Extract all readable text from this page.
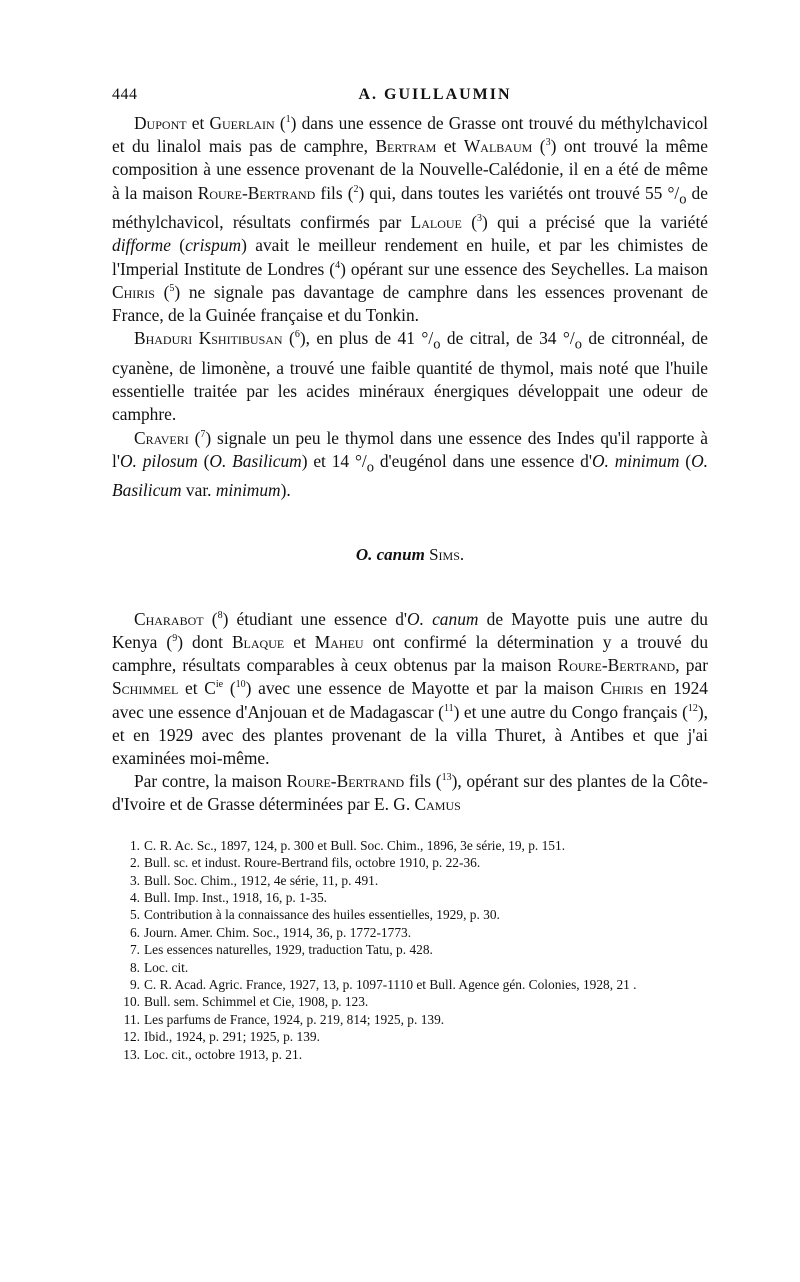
444	A. GUILLAUMIN

Dupont et Guerlain ($^1$) dans une essence de Grasse ont trouvé du méthylchavicol et du linalol mais pas de camphre, Bertram et Walbaum ($^3$) ont trouvé la même composition à une essence provenant de la Nouvelle-Calédonie, il en a été de même à la maison Roure-Bertrand fils ($^2$) qui, dans toutes les variétés ont trouvé 55 $^\circ/_o$ de méthylchavicol, résultats confirmés par Laloue ($^3$) qui a précisé que la variété difforme (crispum) avait le meilleur rendement en huile, et par les chimistes de l'Imperial Institute de Londres ($^4$) opérant sur une essence des Seychelles. La maison Chiris ($^5$) ne signale pas davantage de camphre dans les essences provenant de France, de la Guinée française et du Tonkin.

Bhaduri Kshitibusan ($^6$), en plus de 41 $^\circ/_o$ de citral, de 34 $^\circ/_o$ de citronnéal, de cyanène, de limonène, a trouvé une faible quantité de thymol, mais noté que l'huile essentielle traitée par les acides minéraux énergiques développait une odeur de camphre.

Craveri ($^7$) signale un peu le thymol dans une essence des Indes qu'il rapporte à l'O. pilosum (O. Basilicum) et 14 $^\circ/_o$ d'eugénol dans une essence d'O. minimum (O. Basilicum var. minimum).

O. canum Sims.

Charabot ($^8$) étudiant une essence d'O. canum de Mayotte puis une autre du Kenya ($^9$) dont Blaque et Maheu ont confirmé la détermination y a trouvé du camphre, résultats comparables à ceux obtenus par la maison Roure-Bertrand, par Schimmel et $C^{ie}$ ($^{10}$) avec une essence de Mayotte et par la maison Chiris en 1924 avec une essence d'Anjouan et de Madagascar ($^{11}$) et une autre du Congo français ($^{12}$), et en 1929 avec des plantes provenant de la villa Thuret, à Antibes et que j'ai examinées moi-même.

Par contre, la maison Roure-Bertrand fils ($^{13}$), opérant sur des plantes de la Côte-d'Ivoire et de Grasse déterminées par E. G. Camus

1. C. R. Ac. Sc., 1897, 124, p. 300 et Bull. Soc. Chim., 1896, 3e série, 19, p. 151.
2. Bull. sc. et indust. Roure-Bertrand fils, octobre 1910, p. 22-36.
3. Bull. Soc. Chim., 1912, 4e série, 11, p. 491.
4. Bull. Imp. Inst., 1918, 16, p. 1-35.
5. Contribution à la connaissance des huiles essentielles, 1929, p. 30.
6. Journ. Amer. Chim. Soc., 1914, 36, p. 1772-1773.
7. Les essences naturelles, 1929, traduction Tatu, p. 428.
8. Loc. cit.
9. C. R. Acad. Agric. France, 1927, 13, p. 1097-1110 et Bull. Agence gén. Colonies, 1928, 21 .
10. Bull. sem. Schimmel et Cie, 1908, p. 123.
11. Les parfums de France, 1924, p. 219, 814; 1925, p. 139.
12. Ibid., 1924, p. 291; 1925, p. 139.
13. Loc. cit., octobre 1913, p. 21.
